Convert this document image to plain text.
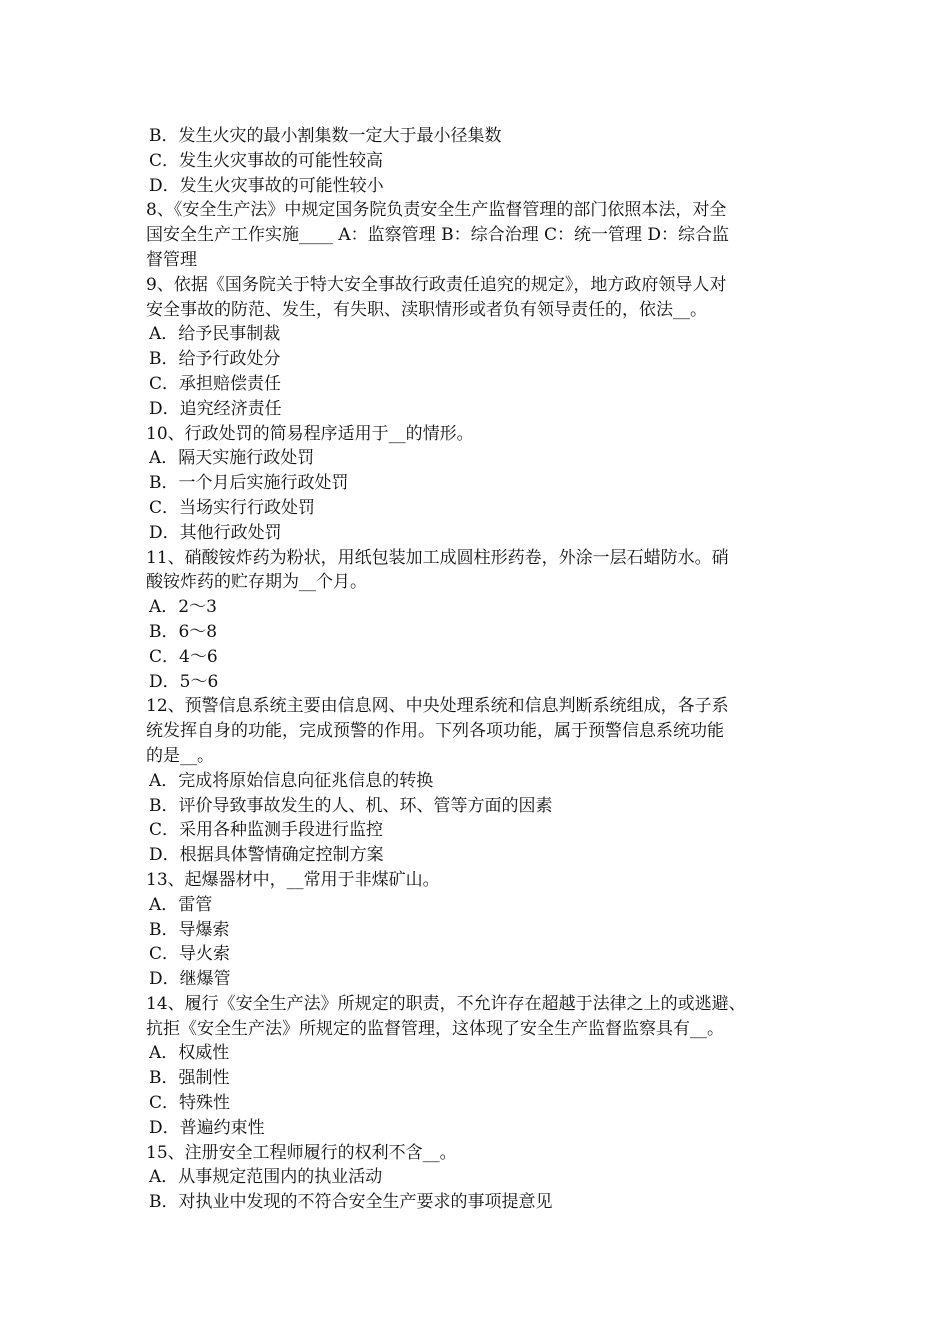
B．发生火灾的最小割集数一定大于最小径集数
C．发生火灾事故的可能性较高
D．发生火灾事故的可能性较小
8、《安全生产法》中规定国务院负责安全生产监督管理的部门依照本法，对全
国安全生产工作实施____ A：监察管理 B：综合治理 C：统一管理 D：综合监
督管理
9、依据《国务院关于特大安全事故行政责任追究的规定》，地方政府领导人对
安全事故的防范、发生，有失职、渎职情形或者负有领导责任的，依法__。
A．给予民事制裁
B．给予行政处分
C．承担赔偿责任
D．追究经济责任
10、行政处罚的简易程序适用于__的情形。
A．隔天实施行政处罚
B．一个月后实施行政处罚
C．当场实行行政处罚
D．其他行政处罚
11、硝酸铵炸药为粉状，用纸包装加工成圆柱形药卷，外涂一层石蜡防水。硝
酸铵炸药的贮存期为__个月。
A．2～3
B．6～8
C．4～6
D．5～6
12、预警信息系统主要由信息网、中央处理系统和信息判断系统组成，各子系
统发挥自身的功能，完成预警的作用。下列各项功能，属于预警信息系统功能
的是__。
A．完成将原始信息向征兆信息的转换
B．评价导致事故发生的人、机、环、管等方面的因素
C．采用各种监测手段进行监控
D．根据具体警情确定控制方案
13、起爆器材中，__常用于非煤矿山。
A．雷管
B．导爆索
C．导火索
D．继爆管
14、履行《安全生产法》所规定的职责，不允许存在超越于法律之上的或逃避、
抗拒《安全生产法》所规定的监督管理，这体现了安全生产监督监察具有__。
A．权威性
B．强制性
C．特殊性
D．普遍约束性
15、注册安全工程师履行的权利不含__。
A．从事规定范围内的执业活动
B．对执业中发现的不符合安全生产要求的事项提意见
